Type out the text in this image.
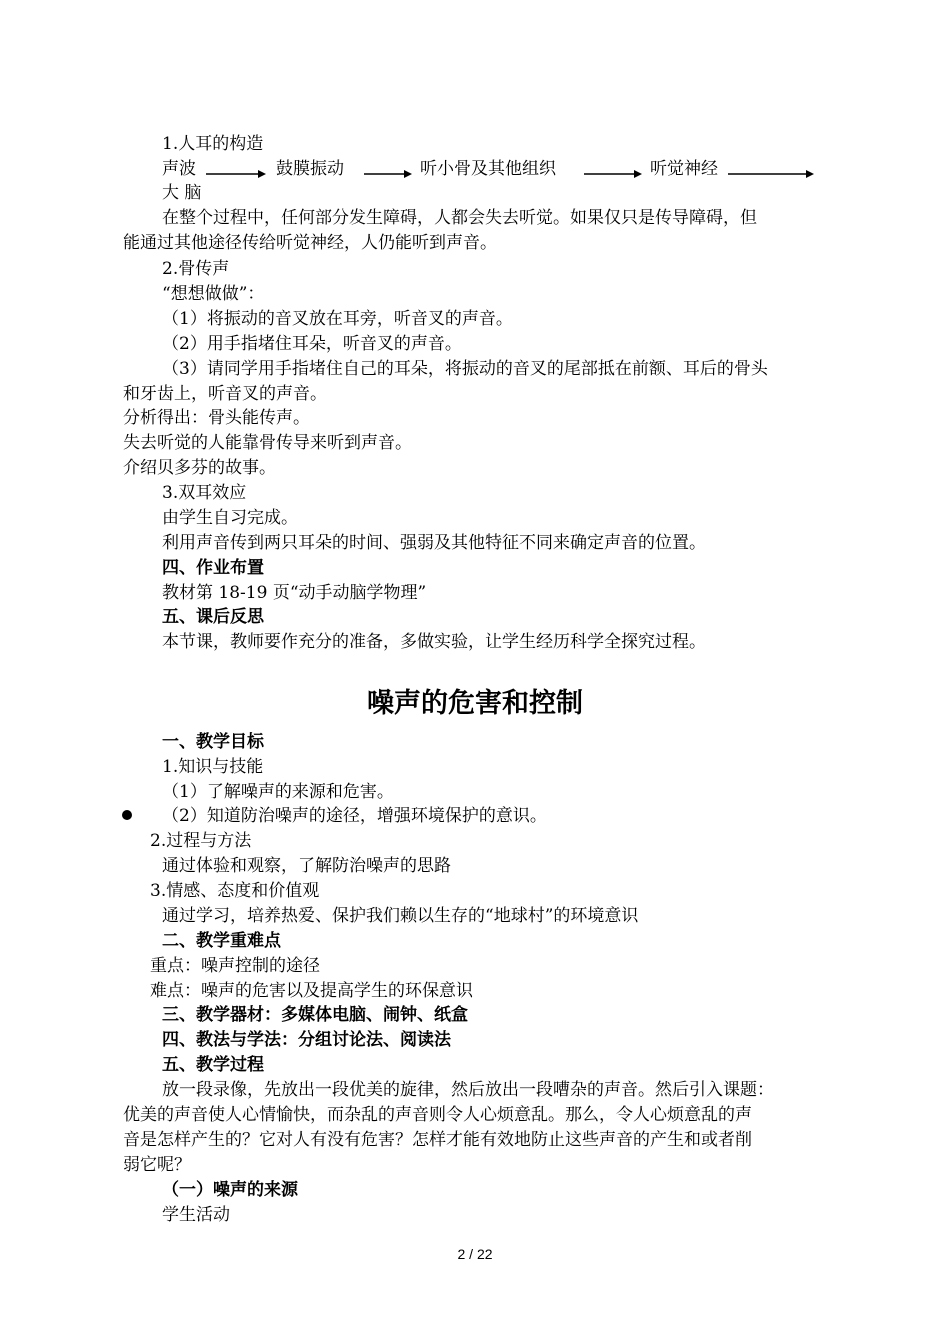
1.人耳的构造
声波	鼓膜振动	听小骨及其他组织	听觉神经
大 脑
在整个过程中，任何部分发生障碍，人都会失去听觉。如果仅只是传导障碍，但
能通过其他途径传给听觉神经，人仍能听到声音。
2.骨传声
“想想做做”：
（1）将振动的音叉放在耳旁，听音叉的声音。
（2）用手指堵住耳朵，听音叉的声音。
（3）请同学用手指堵住自己的耳朵，将振动的音叉的尾部抵在前额、耳后的骨头
和牙齿上，听音叉的声音。
分析得出：骨头能传声。
失去听觉的人能靠骨传导来听到声音。
介绍贝多芬的故事。
3.双耳效应
由学生自习完成。
利用声音传到两只耳朵的时间、强弱及其他特征不同来确定声音的位置。
四、作业布置
教材第 18-19 页“动手动脑学物理”
五、课后反思
本节课，教师要作充分的准备，多做实验，让学生经历科学全探究过程。
噪声的危害和控制
一、教学目标
1.知识与技能
（1）了解噪声的来源和危害。
（2）知道防治噪声的途径，增强环境保护的意识。
2.过程与方法
通过体验和观察，了解防治噪声的思路
3.情感、态度和价值观
通过学习，培养热爱、保护我们赖以生存的“地球村”的环境意识
二、教学重难点
重点：噪声控制的途径
难点：噪声的危害以及提高学生的环保意识
三、教学器材：多媒体电脑、闹钟、纸盒
四、教法与学法：分组讨论法、阅读法
五、教学过程
放一段录像，先放出一段优美的旋律，然后放出一段嘈杂的声音。然后引入课题：
优美的声音使人心情愉快，而杂乱的声音则令人心烦意乱。那么，令人心烦意乱的声
音是怎样产生的？它对人有没有危害？怎样才能有效地防止这些声音的产生和或者削
弱它呢？
（一）噪声的来源
学生活动
2 / 22
